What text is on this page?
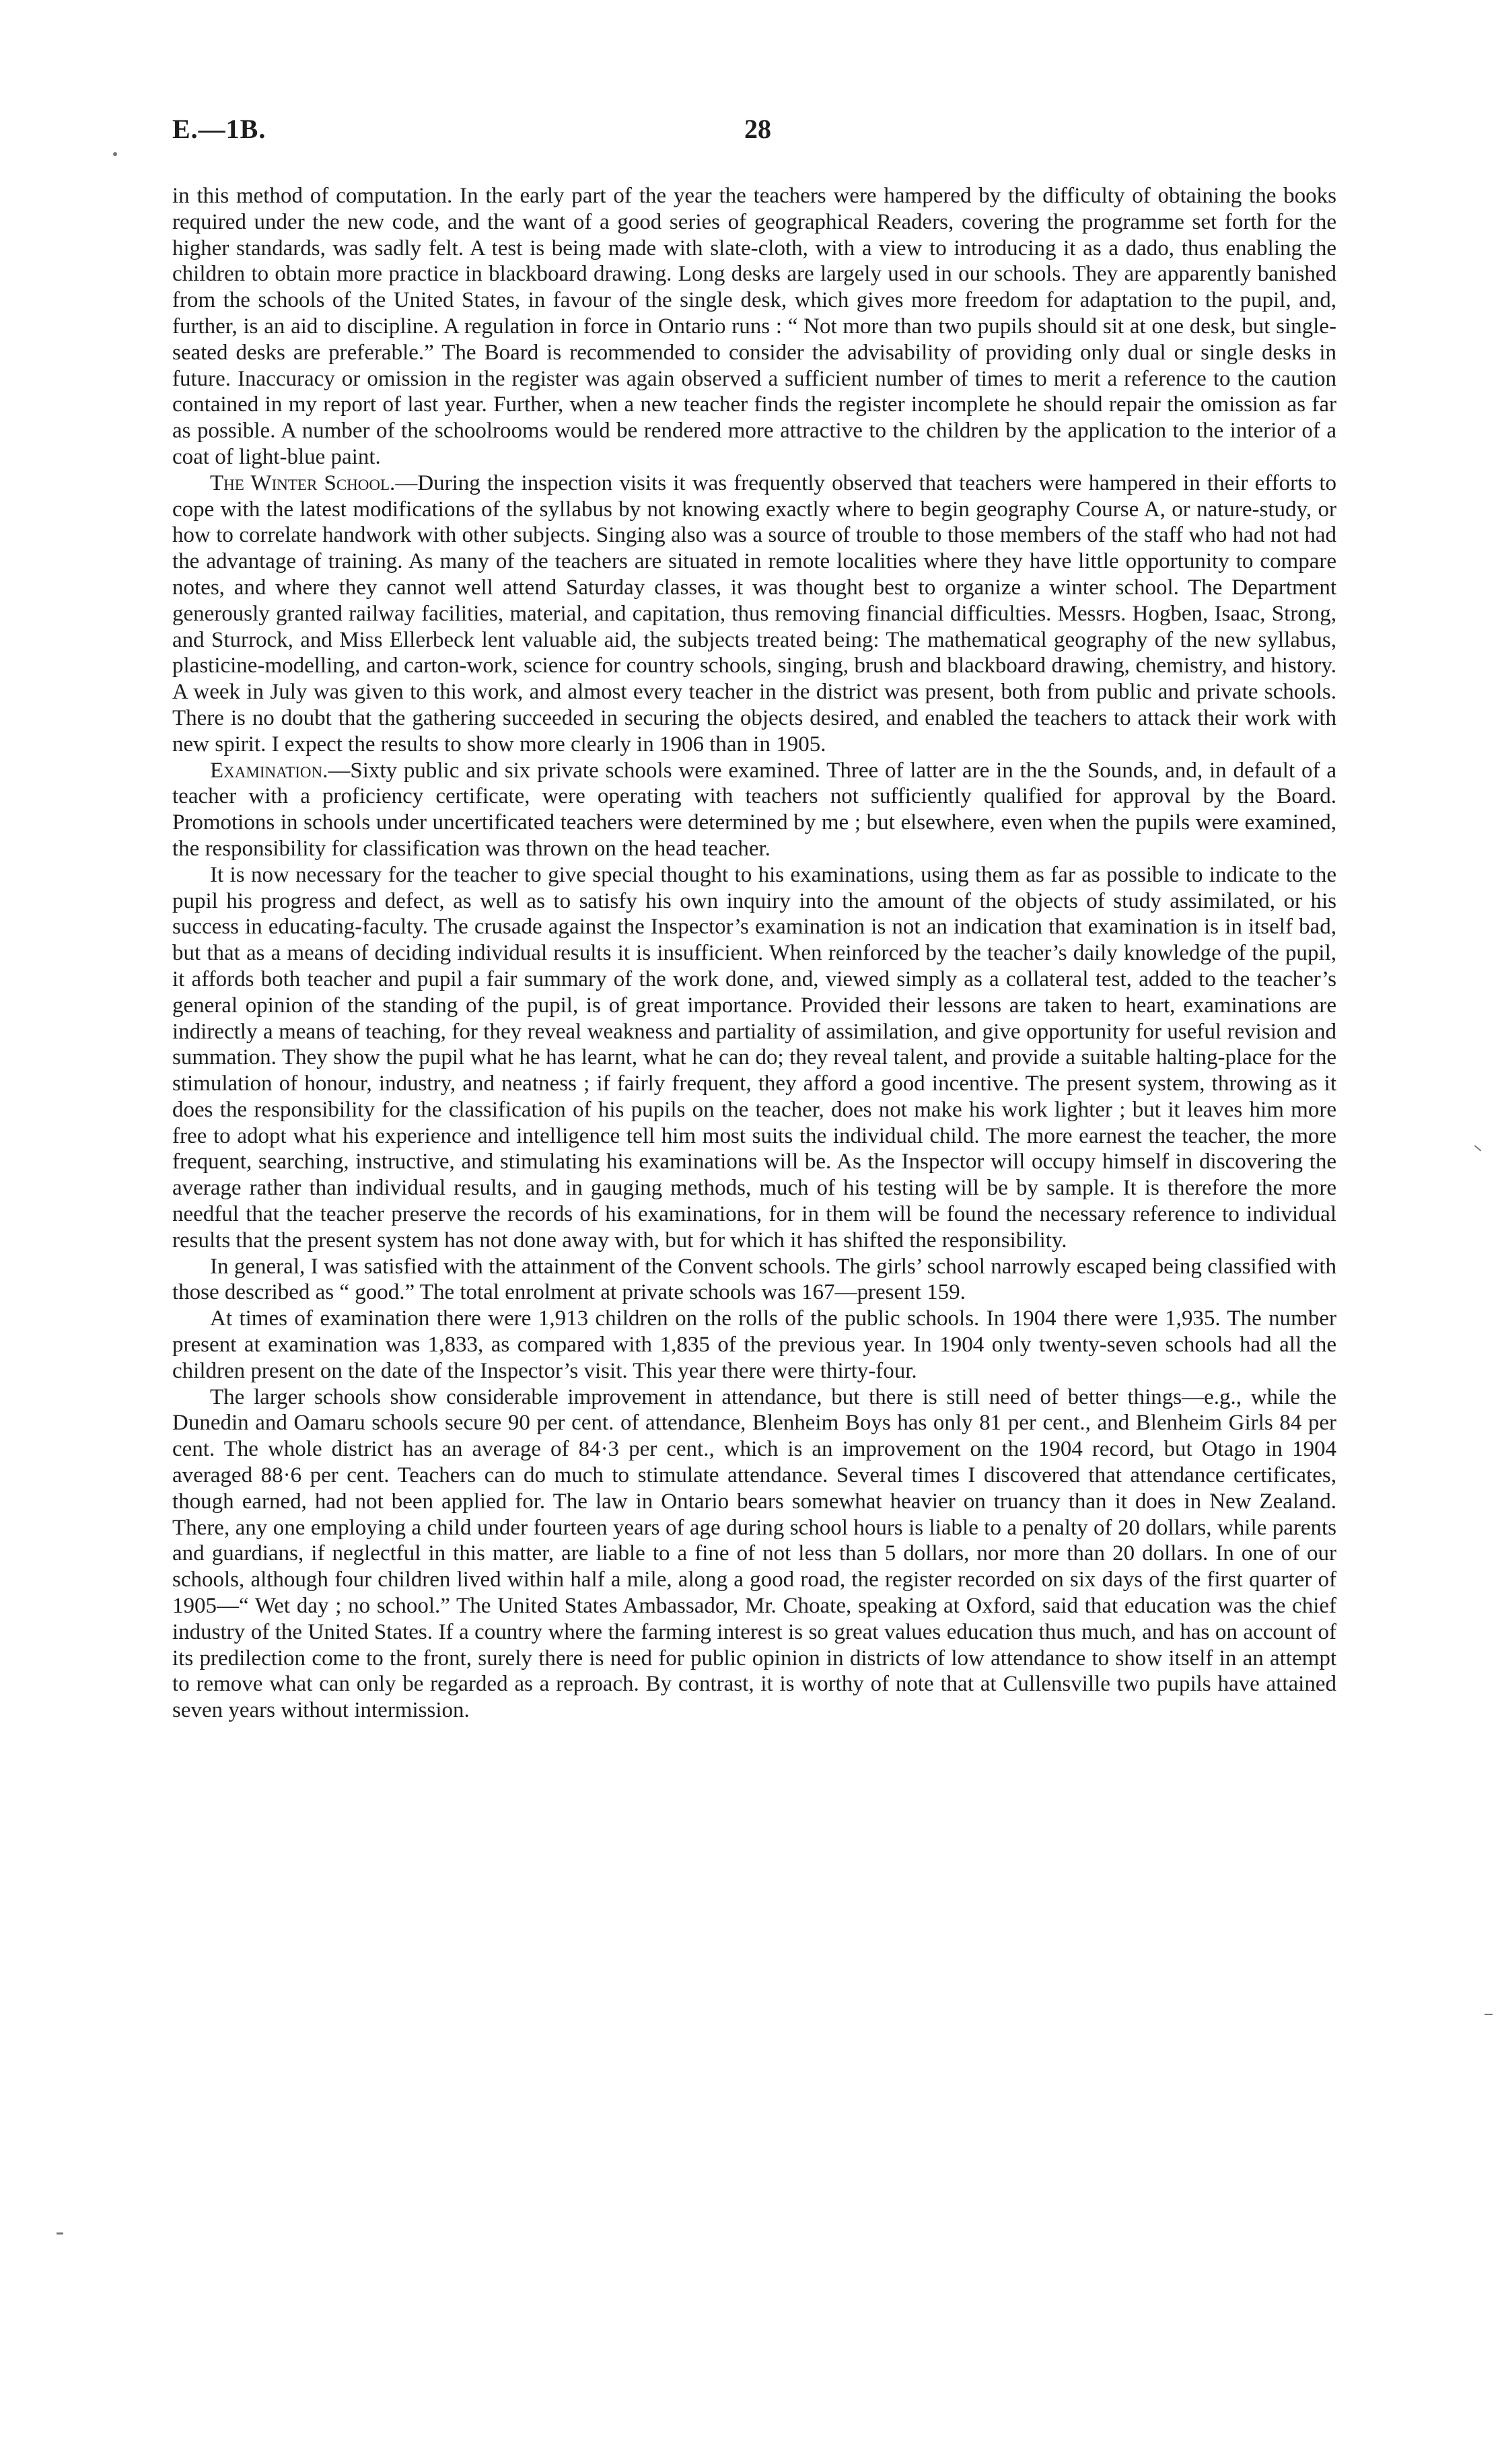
E.—1B.	28

in this method of computation. In the early part of the year the teachers were hampered by the difficulty of obtaining the books required under the new code, and the want of a good series of geographical Readers, covering the programme set forth for the higher standards, was sadly felt. A test is being made with slate-cloth, with a view to introducing it as a dado, thus enabling the children to obtain more practice in blackboard drawing. Long desks are largely used in our schools. They are apparently banished from the schools of the United States, in favour of the single desk, which gives more freedom for adaptation to the pupil, and, further, is an aid to discipline. A regulation in force in Ontario runs : “ Not more than two pupils should sit at one desk, but single-seated desks are preferable.” The Board is recommended to consider the advisability of providing only dual or single desks in future. Inaccuracy or omission in the register was again observed a sufficient number of times to merit a reference to the caution contained in my report of last year. Further, when a new teacher finds the register incomplete he should repair the omission as far as possible. A number of the schoolrooms would be rendered more attractive to the children by the application to the interior of a coat of light-blue paint.

The Winter School.—During the inspection visits it was frequently observed that teachers were hampered in their efforts to cope with the latest modifications of the syllabus by not knowing exactly where to begin geography Course A, or nature-study, or how to correlate handwork with other subjects. Singing also was a source of trouble to those members of the staff who had not had the advantage of training. As many of the teachers are situated in remote localities where they have little opportunity to compare notes, and where they cannot well attend Saturday classes, it was thought best to organize a winter school. The Department generously granted railway facilities, material, and capitation, thus removing financial difficulties. Messrs. Hogben, Isaac, Strong, and Sturrock, and Miss Ellerbeck lent valuable aid, the subjects treated being: The mathematical geography of the new syllabus, plasticine-modelling, and carton-work, science for country schools, singing, brush and blackboard drawing, chemistry, and history. A week in July was given to this work, and almost every teacher in the district was present, both from public and private schools. There is no doubt that the gathering succeeded in securing the objects desired, and enabled the teachers to attack their work with new spirit. I expect the results to show more clearly in 1906 than in 1905.

Examination.—Sixty public and six private schools were examined. Three of latter are in the the Sounds, and, in default of a teacher with a proficiency certificate, were operating with teachers not sufficiently qualified for approval by the Board. Promotions in schools under uncertificated teachers were determined by me ; but elsewhere, even when the pupils were examined, the responsibility for classification was thrown on the head teacher.

It is now necessary for the teacher to give special thought to his examinations, using them as far as possible to indicate to the pupil his progress and defect, as well as to satisfy his own inquiry into the amount of the objects of study assimilated, or his success in educating-faculty. The crusade against the Inspector’s examination is not an indication that examination is in itself bad, but that as a means of deciding individual results it is insufficient. When reinforced by the teacher’s daily knowledge of the pupil, it affords both teacher and pupil a fair summary of the work done, and, viewed simply as a collateral test, added to the teacher’s general opinion of the standing of the pupil, is of great importance. Provided their lessons are taken to heart, examinations are indirectly a means of teaching, for they reveal weakness and partiality of assimilation, and give opportunity for useful revision and summation. They show the pupil what he has learnt, what he can do; they reveal talent, and provide a suitable halting-place for the stimulation of honour, industry, and neatness ; if fairly frequent, they afford a good incentive. The present system, throwing as it does the responsibility for the classification of his pupils on the teacher, does not make his work lighter ; but it leaves him more free to adopt what his experience and intelligence tell him most suits the individual child. The more earnest the teacher, the more frequent, searching, instructive, and stimulating his examinations will be. As the Inspector will occupy himself in discovering the average rather than individual results, and in gauging methods, much of his testing will be by sample. It is therefore the more needful that the teacher preserve the records of his examinations, for in them will be found the necessary reference to individual results that the present system has not done away with, but for which it has shifted the responsibility.

In general, I was satisfied with the attainment of the Convent schools. The girls’ school narrowly escaped being classified with those described as “ good.” The total enrolment at private schools was 167—present 159.

At times of examination there were 1,913 children on the rolls of the public schools. In 1904 there were 1,935. The number present at examination was 1,833, as compared with 1,835 of the previous year. In 1904 only twenty-seven schools had all the children present on the date of the Inspector’s visit. This year there were thirty-four.

The larger schools show considerable improvement in attendance, but there is still need of better things—e.g., while the Dunedin and Oamaru schools secure 90 per cent. of attendance, Blenheim Boys has only 81 per cent., and Blenheim Girls 84 per cent. The whole district has an average of 84·3 per cent., which is an improvement on the 1904 record, but Otago in 1904 averaged 88·6 per cent. Teachers can do much to stimulate attendance. Several times I discovered that attendance certificates, though earned, had not been applied for. The law in Ontario bears somewhat heavier on truancy than it does in New Zealand. There, any one employing a child under fourteen years of age during school hours is liable to a penalty of 20 dollars, while parents and guardians, if neglectful in this matter, are liable to a fine of not less than 5 dollars, nor more than 20 dollars. In one of our schools, although four children lived within half a mile, along a good road, the register recorded on six days of the first quarter of 1905—“ Wet day ; no school.” The United States Ambassador, Mr. Choate, speaking at Oxford, said that education was the chief industry of the United States. If a country where the farming interest is so great values education thus much, and has on account of its predilection come to the front, surely there is need for public opinion in districts of low attendance to show itself in an attempt to remove what can only be regarded as a reproach. By contrast, it is worthy of note that at Cullensville two pupils have attained seven years without intermission.
